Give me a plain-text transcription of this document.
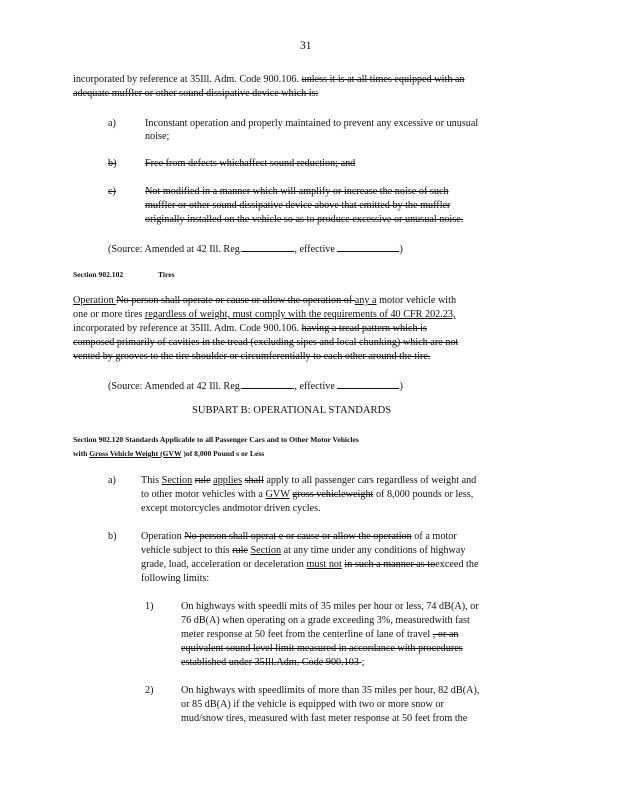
31
incorporated by reference at 35Ill. Adm. Code 900.106. unless it is at all times equipped with an
adequate muffler or other sound dissipative device which is:
a)	Inconstant operation and properly maintained to prevent any excessive or unusual
noise;
b)	Free from defects whichaffect sound reduction; and
c)	Not modified in a manner which will amplify or increase the noise of such
muffler or other sound dissipative device above that emitted by the muffler
originally installed on the vehicle so as to produce excessive or unusual noise.
(Source: Amended at 42 Ill. Reg.	, effective	)
Section 902.102	Tires
Operation No person shall operate or cause or allow the operation of any a motor vehicle with
one or more tires regardless of weight, must comply with the requirements of 40 CFR 202.23,
incorporated by reference at 35Ill. Adm. Code 900.106. having a tread pattern which is
composed primarily of cavities in the tread (excluding sipes and local chunking) which are not
vented by grooves to the tire shoulder or circumferentially to each other around the tire.
(Source: Amended at 42 Ill. Reg.	, effective	)
SUBPART B: OPERATIONAL STANDARDS
Section 902.120 Standards Applicable to all Passenger Cars and to Other Motor Vehicles
with Gross Vehicle Weight (GVW )of 8,000 Pound s or Less
a) This Section rule applies shall apply to all passenger cars regardless of weight and
to other motor vehicles with a GVW gross vehicleweight of 8,000 pounds or less,
except motorcycles andmotor driven cycles.
b) Operation No person shall operat e or cause or allow the operation of a motor
vehicle subject to this rule Section at any time under any conditions of highway
grade, load, acceleration or deceleration must not in such a manner as toexceed the
following limits:
1)	On highways with speedli mits of 35 miles per hour or less, 74 dB(A), or
76 dB(A) when operating on a grade exceeding 3%, measuredwith fast
meter response at 50 feet from the centerline of lane of travel , or an
equivalent sound level limit measured in accordance with procedures
established under 35Ill.Adm. Code 900.103 ;
2)	On highways with speedlimits of more than 35 miles per hour, 82 dB(A),
or 85 dB(A) if the vehicle is equipped with two or more snow or
mud/snow tires, measured with fast meter response at 50 feet from the
